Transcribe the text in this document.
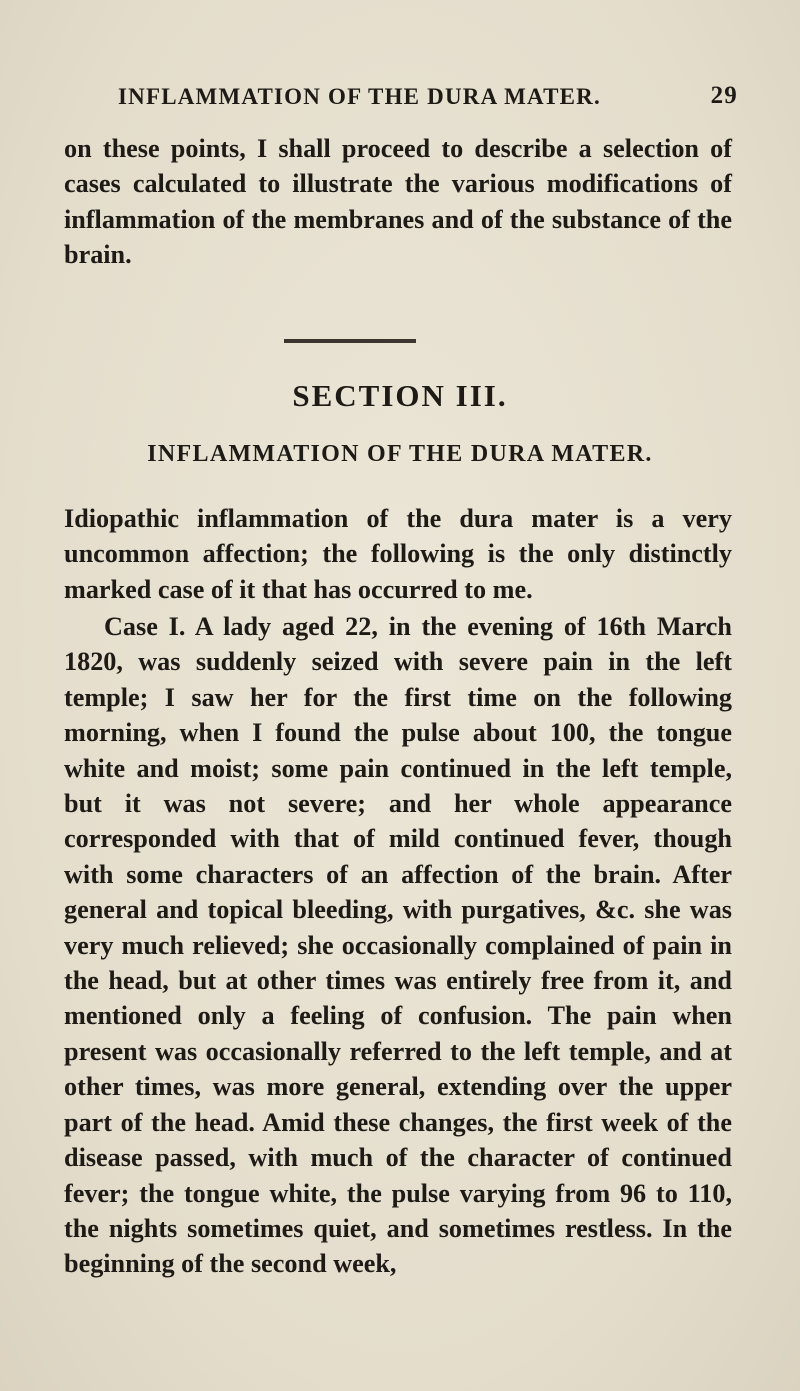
INFLAMMATION OF THE DURA MATER.	29

on these points, I shall proceed to describe a selection of cases calculated to illustrate the various modifications of inflammation of the membranes and of the substance of the brain.

SECTION III.
INFLAMMATION OF THE DURA MATER.

Idiopathic inflammation of the dura mater is a very uncommon affection; the following is the only distinctly marked case of it that has occurred to me.

Case I. A lady aged 22, in the evening of 16th March 1820, was suddenly seized with severe pain in the left temple; I saw her for the first time on the following morning, when I found the pulse about 100, the tongue white and moist; some pain continued in the left temple, but it was not severe; and her whole appearance corresponded with that of mild continued fever, though with some characters of an affection of the brain. After general and topical bleeding, with purgatives, &c. she was very much relieved; she occasionally complained of pain in the head, but at other times was entirely free from it, and mentioned only a feeling of confusion. The pain when present was occasionally referred to the left temple, and at other times, was more general, extending over the upper part of the head. Amid these changes, the first week of the disease passed, with much of the character of continued fever; the tongue white, the pulse varying from 96 to 110, the nights sometimes quiet, and sometimes restless. In the beginning of the second week,
